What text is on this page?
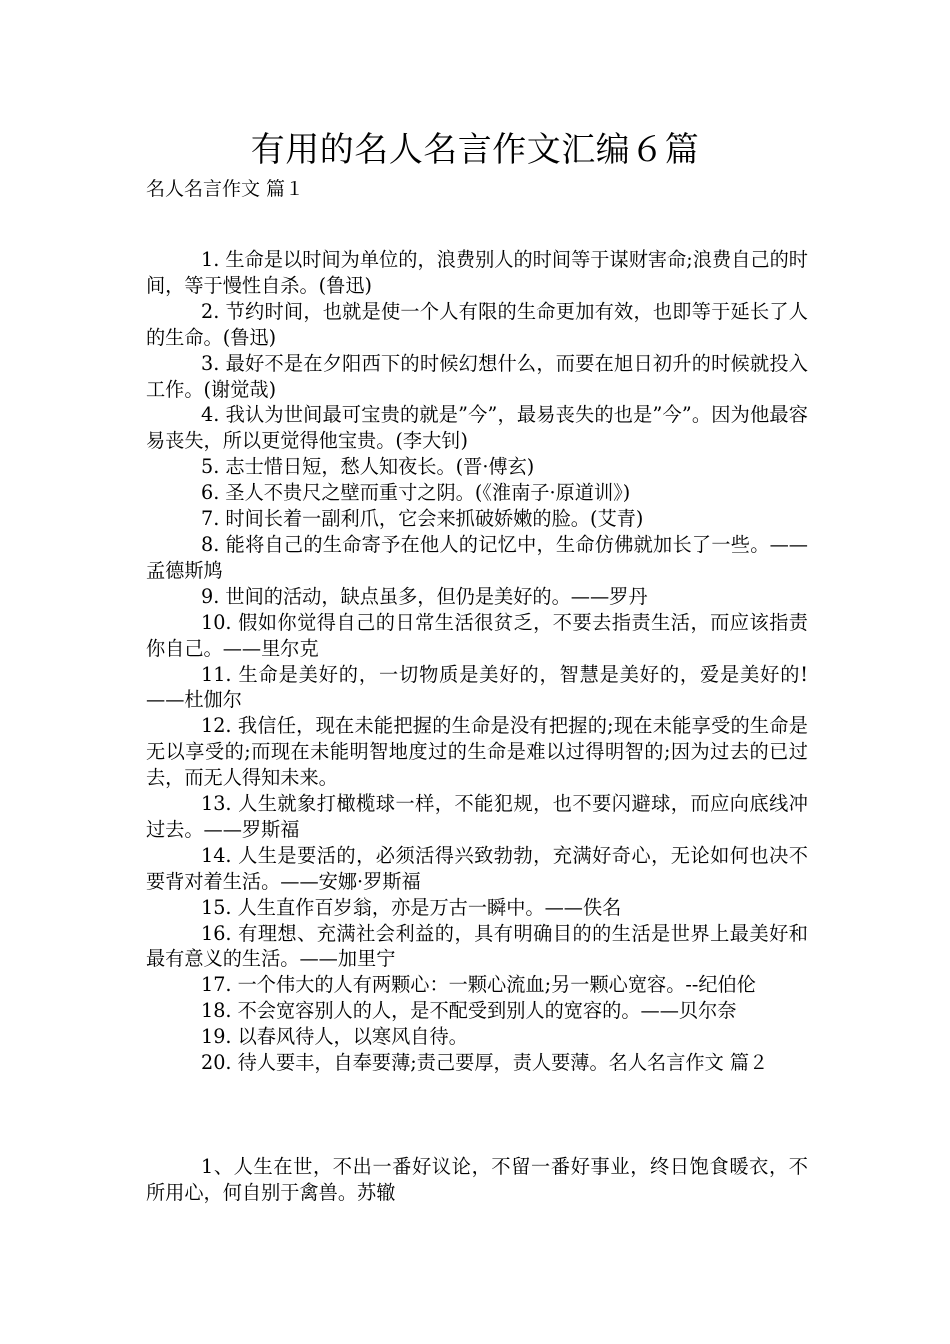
有用的名人名言作文汇编６篇
名人名言作文 篇１

1. 生命是以时间为单位的，浪费别人的时间等于谋财害命;浪费自己的时间，等于慢性自杀。(鲁迅)

2. 节约时间，也就是使一个人有限的生命更加有效，也即等于延长了人的生命。(鲁迅)

3. 最好不是在夕阳西下的时候幻想什么，而要在旭日初升的时候就投入工作。(谢觉哉)

4. 我认为世间最可宝贵的就是”今”，最易丧失的也是”今”。因为他最容易丧失，所以更觉得他宝贵。(李大钊)

5. 志士惜日短，愁人知夜长。(晋·傅玄)

6. 圣人不贵尺之壁而重寸之阴。(《淮南子·原道训》)

7. 时间长着一副利爪，它会来抓破娇嫩的脸。(艾青)

8. 能将自己的生命寄予在他人的记忆中，生命仿佛就加长了一些。——孟德斯鸠

9. 世间的活动，缺点虽多，但仍是美好的。——罗丹

10. 假如你觉得自己的日常生活很贫乏，不要去指责生活，而应该指责你自己。——里尔克

11. 生命是美好的，一切物质是美好的，智慧是美好的，爱是美好的!——杜伽尔

12. 我信任，现在未能把握的生命是没有把握的;现在未能享受的生命是无以享受的;而现在未能明智地度过的生命是难以过得明智的;因为过去的已过去，而无人得知未来。

13. 人生就象打橄榄球一样，不能犯规，也不要闪避球，而应向底线冲过去。——罗斯福

14. 人生是要活的，必须活得兴致勃勃，充满好奇心，无论如何也决不要背对着生活。——安娜·罗斯福

15. 人生直作百岁翁，亦是万古一瞬中。——佚名

16. 有理想、充满社会利益的，具有明确目的的生活是世界上最美好和最有意义的生活。——加里宁

17. 一个伟大的人有两颗心：一颗心流血;另一颗心宽容。--纪伯伦

18. 不会宽容别人的人，是不配受到别人的宽容的。——贝尔奈

19. 以春风待人，以寒风自待。

20. 待人要丰，自奉要薄;责己要厚，责人要薄。名人名言作文 篇２

1、人生在世，不出一番好议论，不留一番好事业，终日饱食暖衣，不所用心，何自别于禽兽。苏辙
